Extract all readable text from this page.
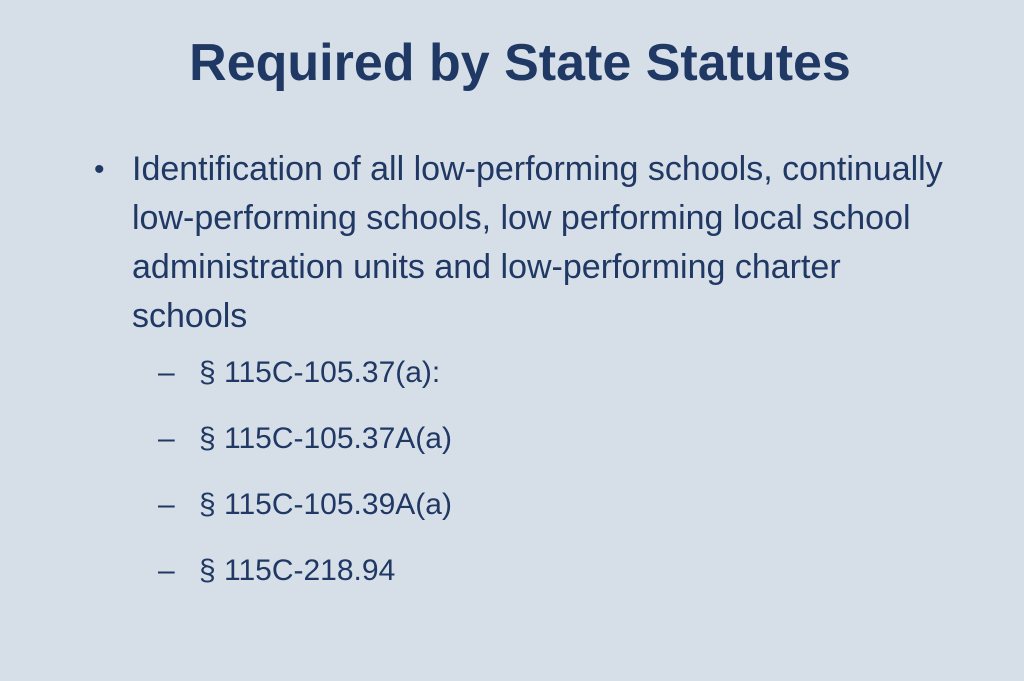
Required by State Statutes
• Identification of all low-performing schools, continually low-performing schools, low performing local school administration units and low-performing charter schools
– § 115C-105.37(a):
– § 115C-105.37A(a)
– § 115C-105.39A(a)
– § 115C-218.94
